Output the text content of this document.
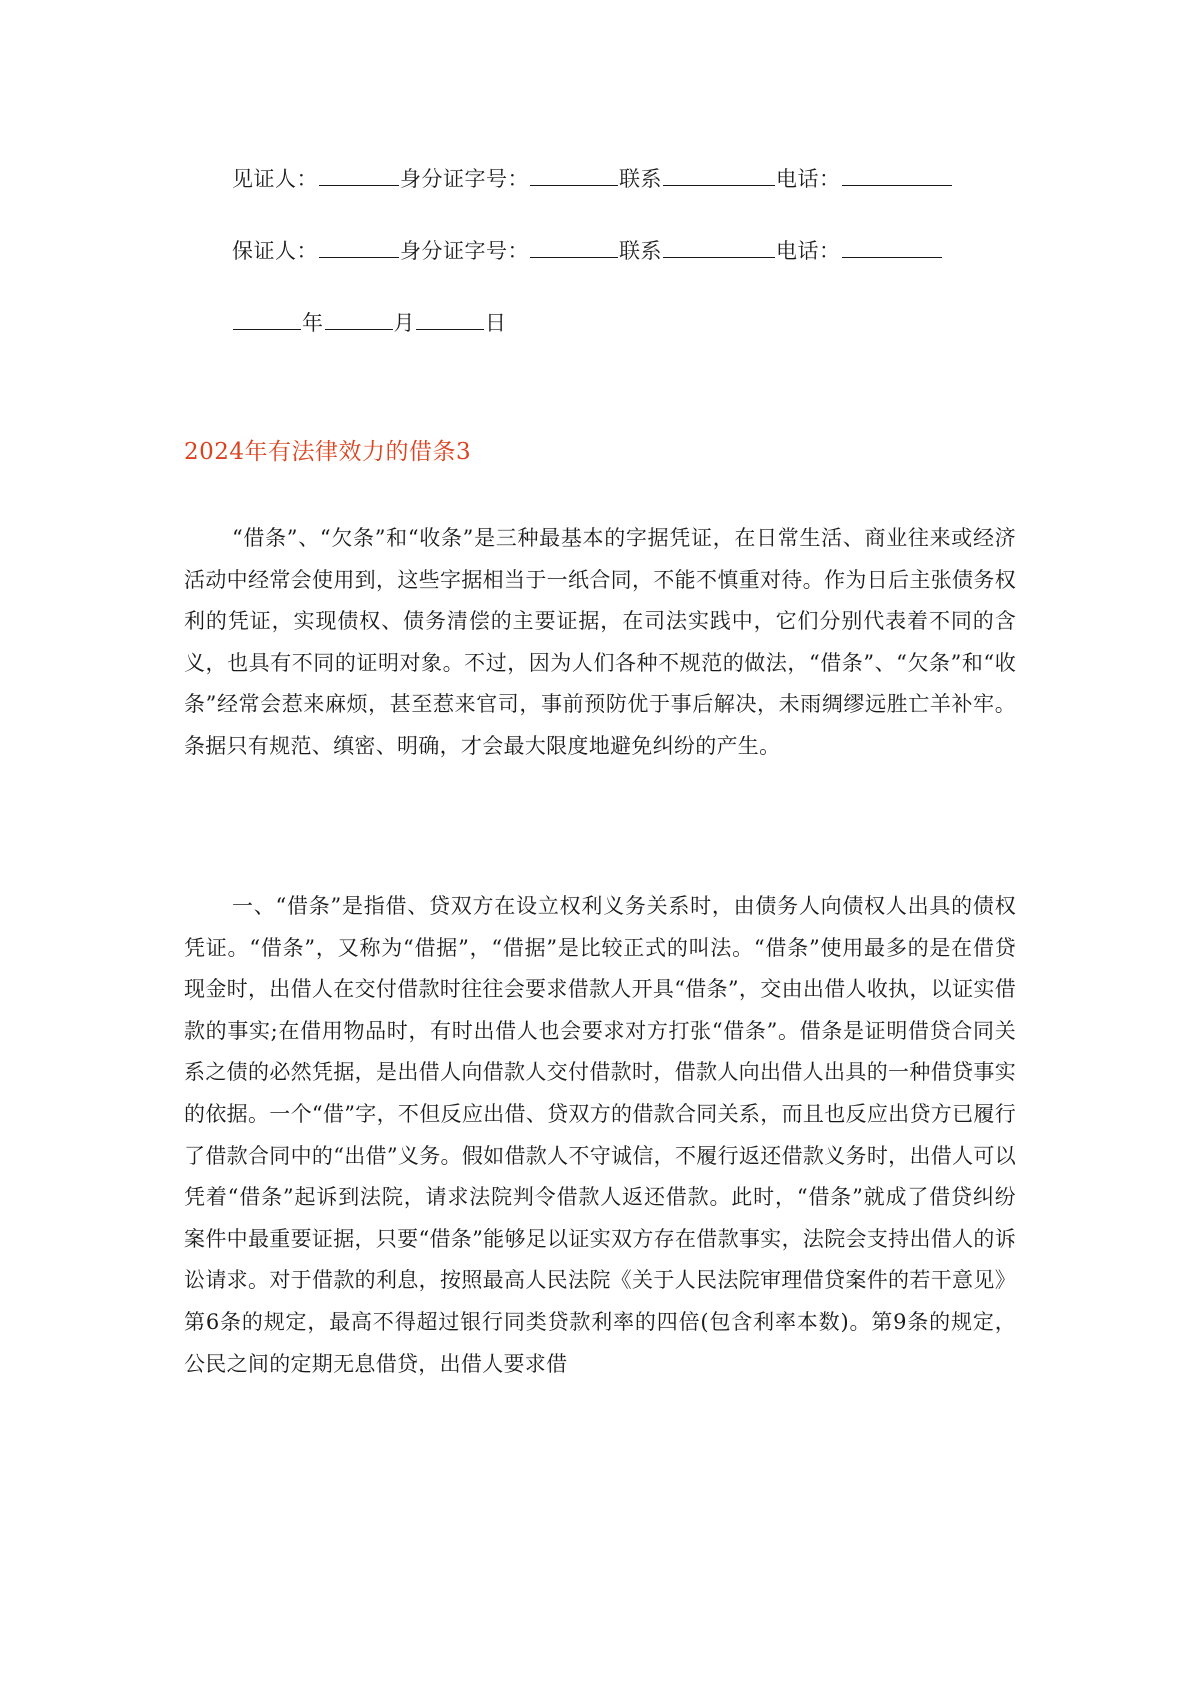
见证人：	身分证字号：	联系	电话：
保证人：	身分证字号：	联系	电话：
年	月	日
2024年有法律效力的借条3

“借条”、“欠条”和“收条”是三种最基本的字据凭证，在日常生活、商业往来或经济活动中经常会使用到，这些字据相当于一纸合同，不能不慎重对待。作为日后主张债务权利的凭证，实现债权、债务清偿的主要证据，在司法实践中，它们分别代表着不同的含义，也具有不同的证明对象。不过，因为人们各种不规范的做法，“借条”、“欠条”和“收条”经常会惹来麻烦，甚至惹来官司，事前预防优于事后解决，未雨绸缪远胜亡羊补牢。条据只有规范、缜密、明确，才会最大限度地避免纠纷的产生。

一、“借条”是指借、贷双方在设立权利义务关系时，由债务人向债权人出具的债权凭证。“借条”，又称为“借据”，“借据”是比较正式的叫法。“借条”使用最多的是在借贷现金时，出借人在交付借款时往往会要求借款人开具“借条”，交由出借人收执，以证实借款的事实;在借用物品时，有时出借人也会要求对方打张“借条”。借条是证明借贷合同关系之债的必然凭据，是出借人向借款人交付借款时，借款人向出借人出具的一种借贷事实的依据。一个“借”字，不但反应出借、贷双方的借款合同关系，而且也反应出贷方已履行了借款合同中的“出借”义务。假如借款人不守诚信，不履行返还借款义务时，出借人可以凭着“借条”起诉到法院，请求法院判令借款人返还借款。此时，“借条”就成了借贷纠纷案件中最重要证据，只要“借条”能够足以证实双方存在借款事实，法院会支持出借人的诉讼请求。对于借款的利息，按照最高人民法院《关于人民法院审理借贷案件的若干意见》第6条的规定，最高不得超过银行同类贷款利率的四倍(包含利率本数)。第9条的规定，公民之间的定期无息借贷，出借人要求借
